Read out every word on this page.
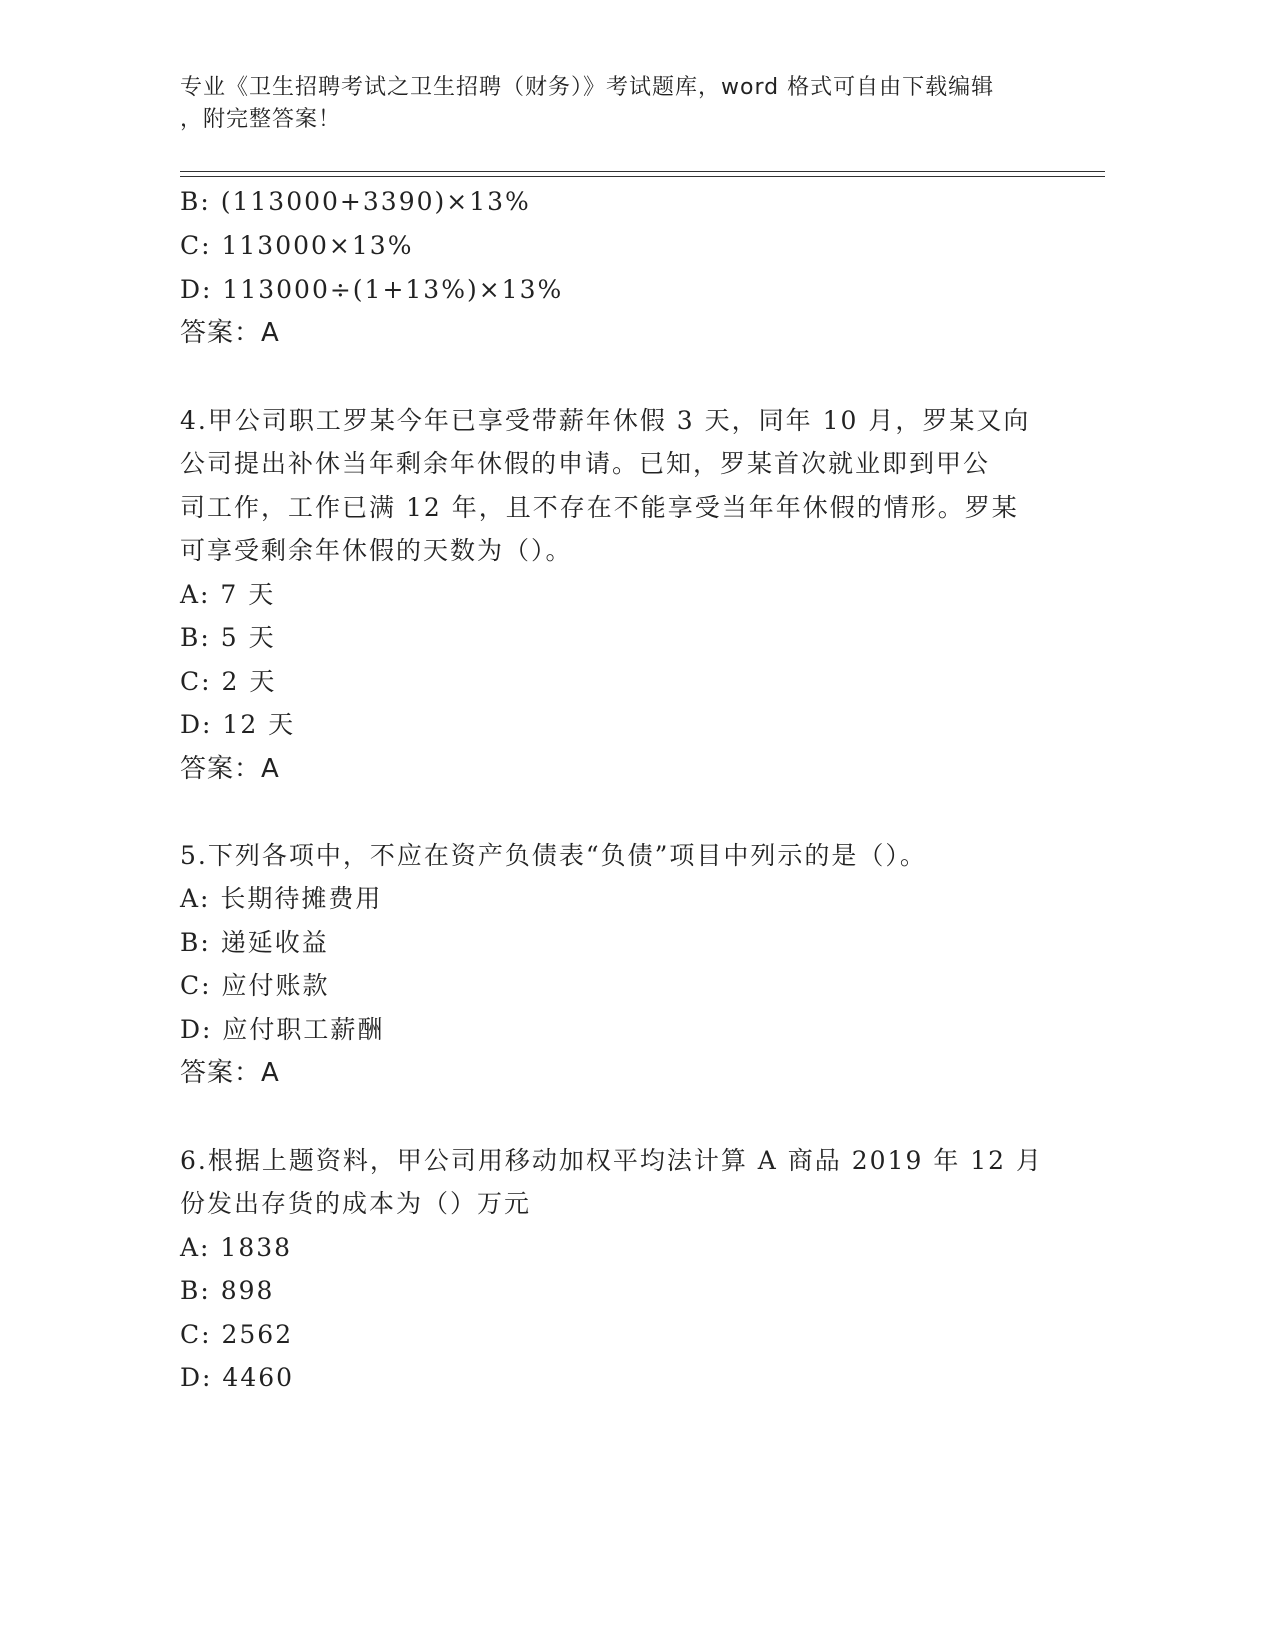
专业《卫生招聘考试之卫生招聘（财务）》考试题库，word 格式可自由下载编辑
，附完整答案！
B: (113000+3390)×13%
C: 113000×13%
D: 113000÷(1+13%)×13%
答案：A
4.甲公司职工罗某今年已享受带薪年休假 3 天，同年 10 月，罗某又向
公司提出补休当年剩余年休假的申请。已知，罗某首次就业即到甲公
司工作，工作已满 12 年，且不存在不能享受当年年休假的情形。罗某
可享受剩余年休假的天数为（）。
A: 7 天
B: 5 天
C: 2 天
D: 12 天
答案：A
5.下列各项中，不应在资产负债表“负债”项目中列示的是（）。
A: 长期待摊费用
B: 递延收益
C: 应付账款
D: 应付职工薪酬
答案：A
6.根据上题资料，甲公司用移动加权平均法计算 A 商品 2019 年 12 月
份发出存货的成本为（）万元
A: 1838
B: 898
C: 2562
D: 4460
